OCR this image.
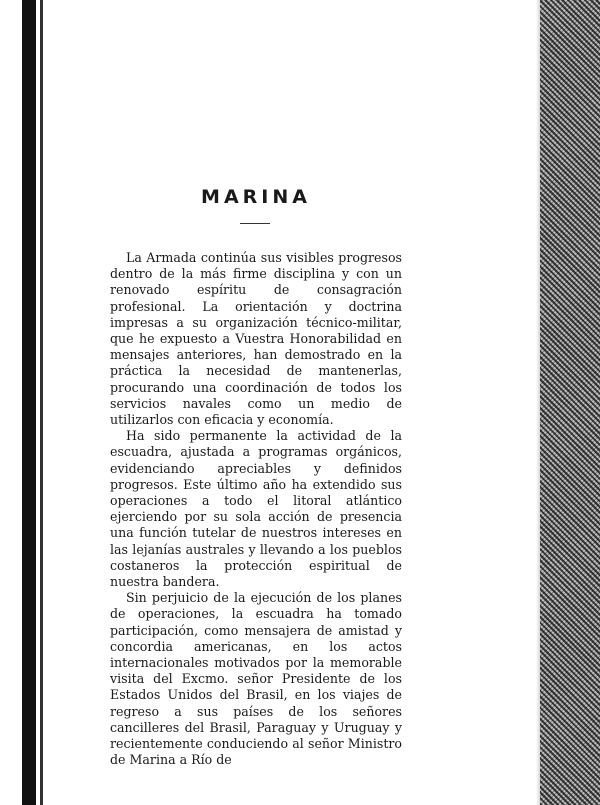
MARINA

La Armada continúa sus visibles progresos dentro de la más firme disciplina y con un renovado espíritu de consagración profesional. La orientación y doctrina impresas a su organización técnico-militar, que he expuesto a Vuestra Honorabilidad en mensajes anteriores, han demostrado en la práctica la necesidad de mantenerlas, procurando una coordinación de todos los servicios navales como un medio de utilizarlos con eficacia y economía.

Ha sido permanente la actividad de la escuadra, ajustada a programas orgánicos, evidenciando apreciables y definidos progresos. Este último año ha extendido sus operaciones a todo el litoral atlántico ejerciendo por su sola acción de presencia una función tutelar de nuestros intereses en las lejanías australes y llevando a los pueblos costaneros la protección espiritual de nuestra bandera.

Sin perjuicio de la ejecución de los planes de operaciones, la escuadra ha tomado participación, como mensajera de amistad y concordia americanas, en los actos internacionales motivados por la memorable visita del Excmo. señor Presidente de los Estados Unidos del Brasil, en los viajes de regreso a sus países de los señores cancilleres del Brasil, Paraguay y Uruguay y recientemente conduciendo al señor Ministro de Marina a Río de
